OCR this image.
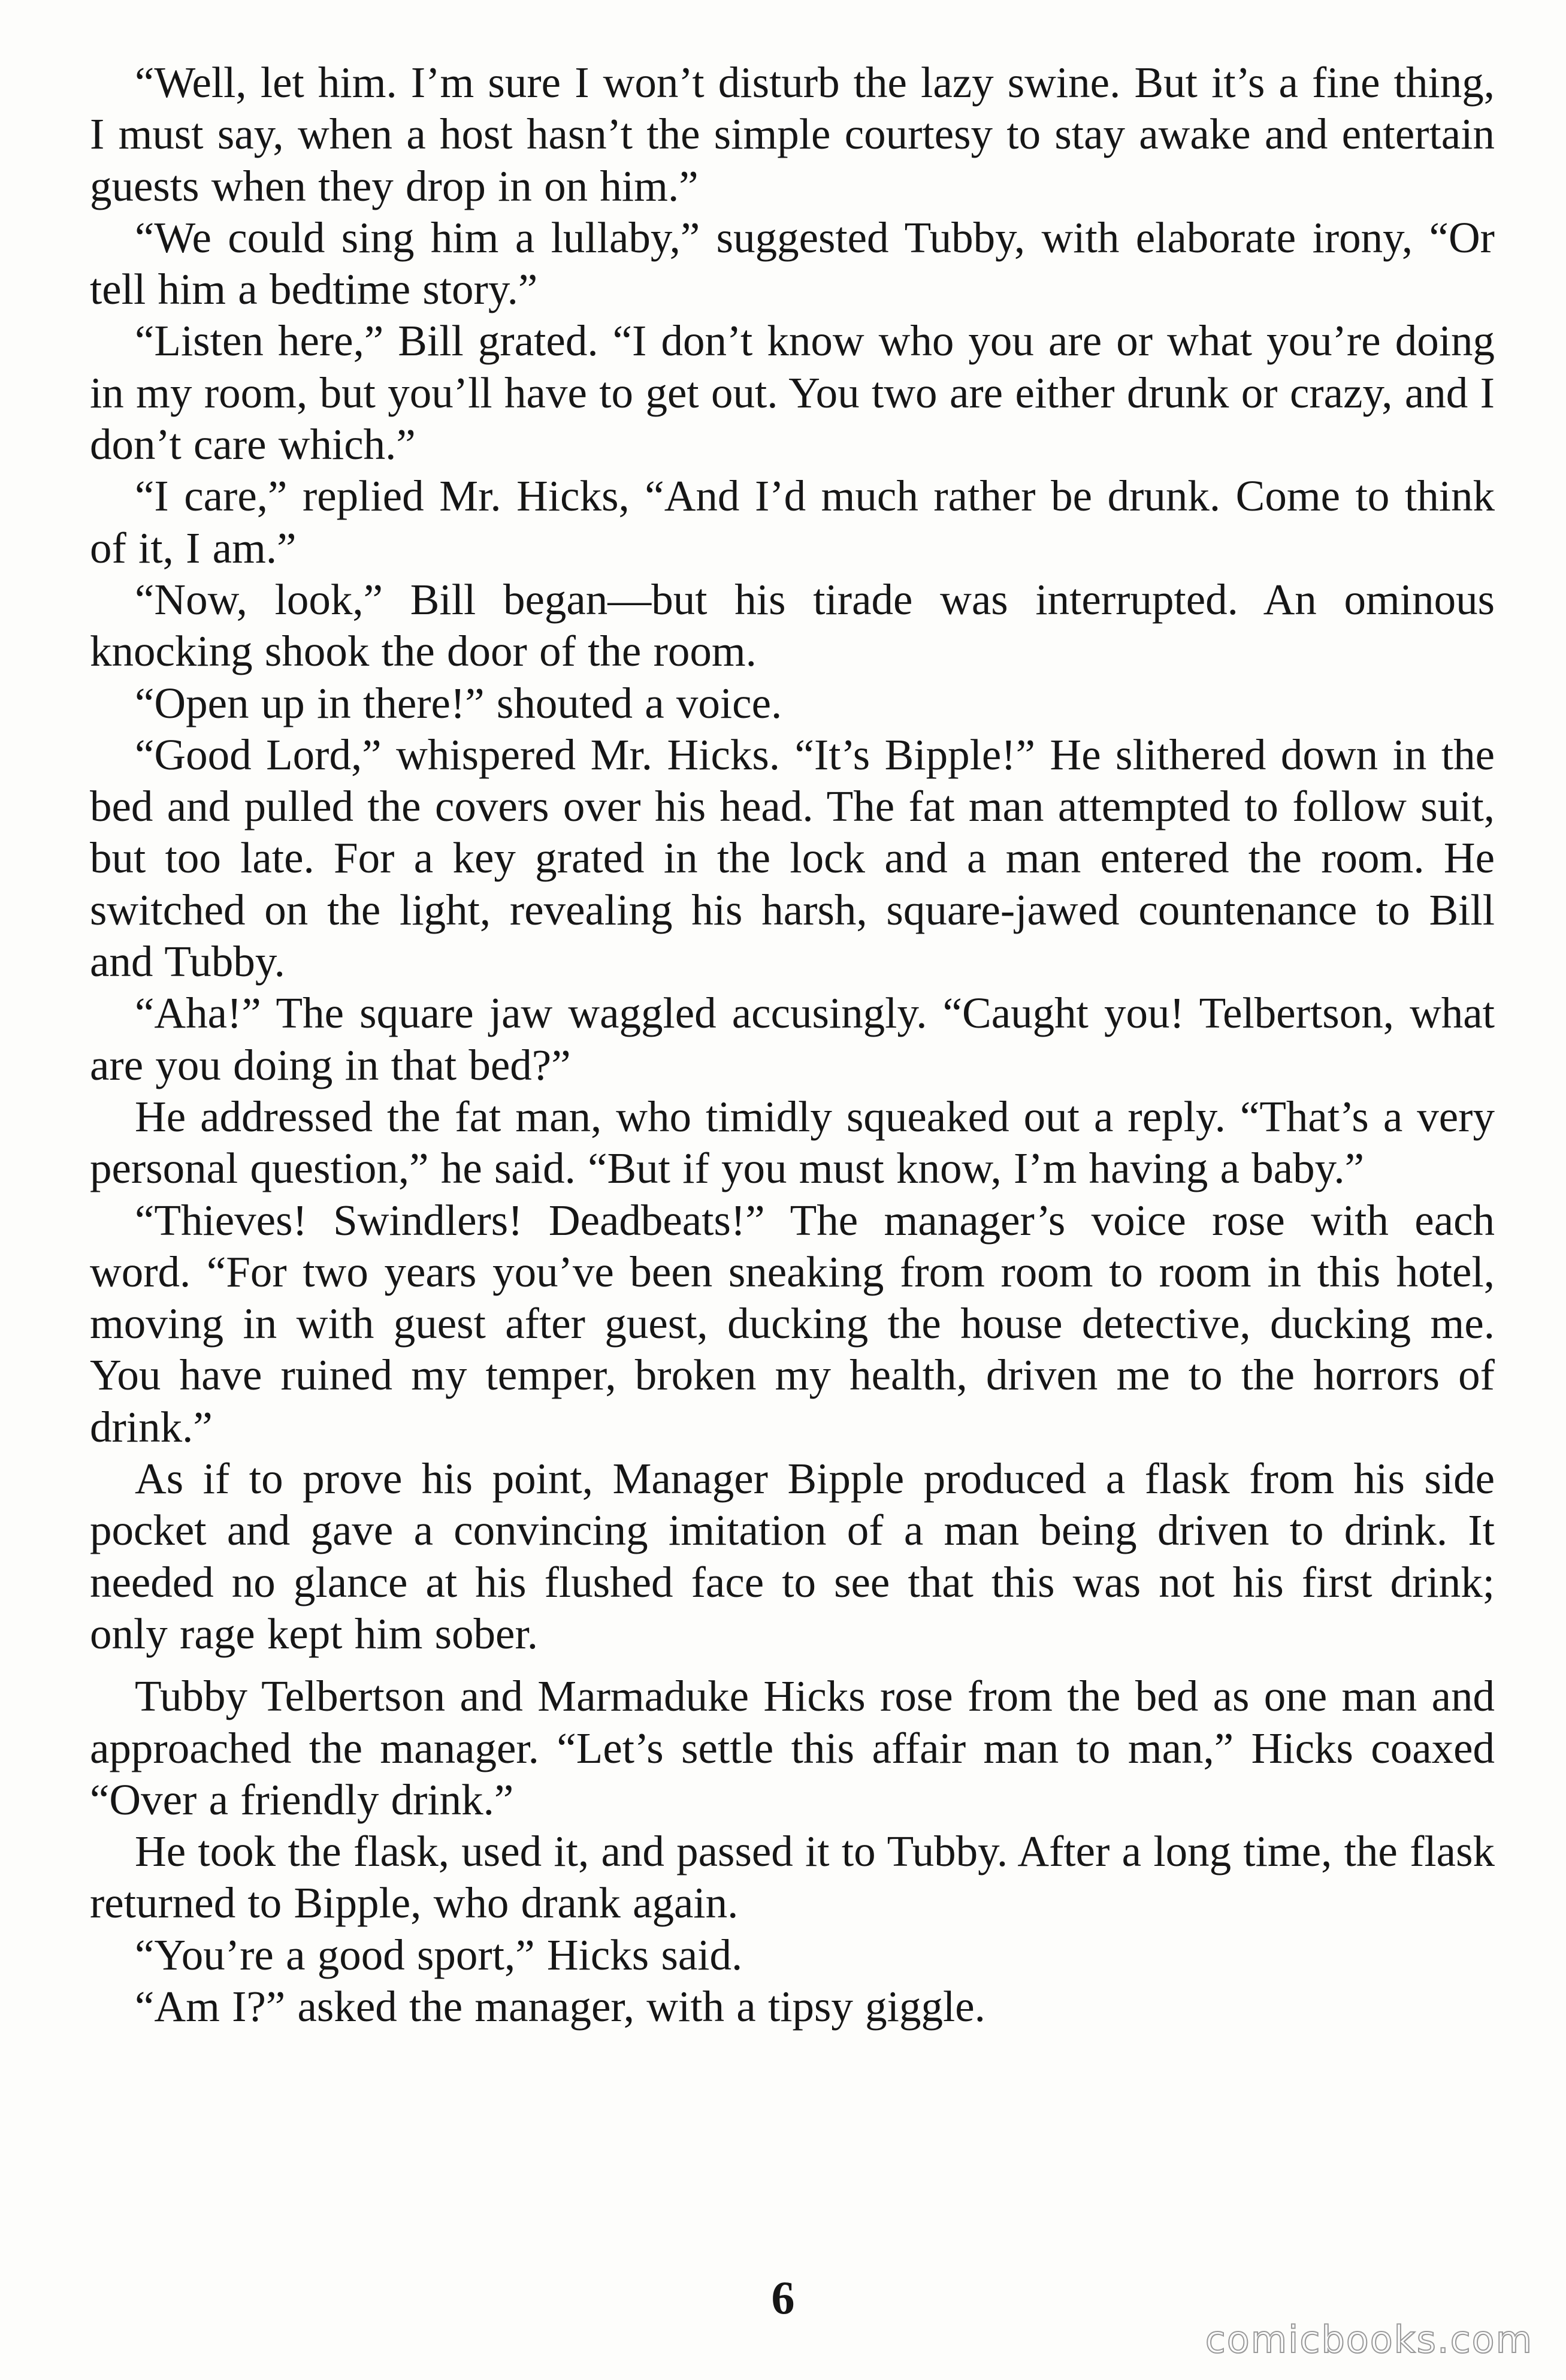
“Well, let him. I’m sure I won’t disturb the lazy swine. But it’s a fine thing, I must say, when a host hasn’t the simple courtesy to stay awake and entertain guests when they drop in on him.”

“We could sing him a lullaby,” suggested Tubby, with elaborate irony, “Or tell him a bedtime story.”

“Listen here,” Bill grated. “I don’t know who you are or what you’re doing in my room, but you’ll have to get out. You two are either drunk or crazy, and I don’t care which.”

“I care,” replied Mr. Hicks, “And I’d much rather be drunk. Come to think of it, I am.”

“Now, look,” Bill began—but his tirade was interrupted. An ominous knocking shook the door of the room.

“Open up in there!” shouted a voice.

“Good Lord,” whispered Mr. Hicks. “It’s Bipple!” He slithered down in the bed and pulled the covers over his head. The fat man attempted to follow suit, but too late. For a key grated in the lock and a man entered the room. He switched on the light, revealing his harsh, square-jawed countenance to Bill and Tubby.

“Aha!” The square jaw waggled accusingly. “Caught you! Telbertson, what are you doing in that bed?”

He addressed the fat man, who timidly squeaked out a reply. “That’s a very personal question,” he said. “But if you must know, I’m having a baby.”

“Thieves! Swindlers! Deadbeats!” The manager’s voice rose with each word. “For two years you’ve been sneaking from room to room in this hotel, moving in with guest after guest, ducking the house detective, ducking me. You have ruined my temper, broken my health, driven me to the horrors of drink.”

As if to prove his point, Manager Bipple produced a flask from his side pocket and gave a convincing imitation of a man being driven to drink. It needed no glance at his flushed face to see that this was not his first drink; only rage kept him sober.

Tubby Telbertson and Marmaduke Hicks rose from the bed as one man and approached the manager. “Let’s settle this affair man to man,” Hicks coaxed “Over a friendly drink.”

He took the flask, used it, and passed it to Tubby. After a long time, the flask returned to Bipple, who drank again.

“You’re a good sport,” Hicks said.

“Am I?” asked the manager, with a tipsy giggle.

6
comicbooks.com
